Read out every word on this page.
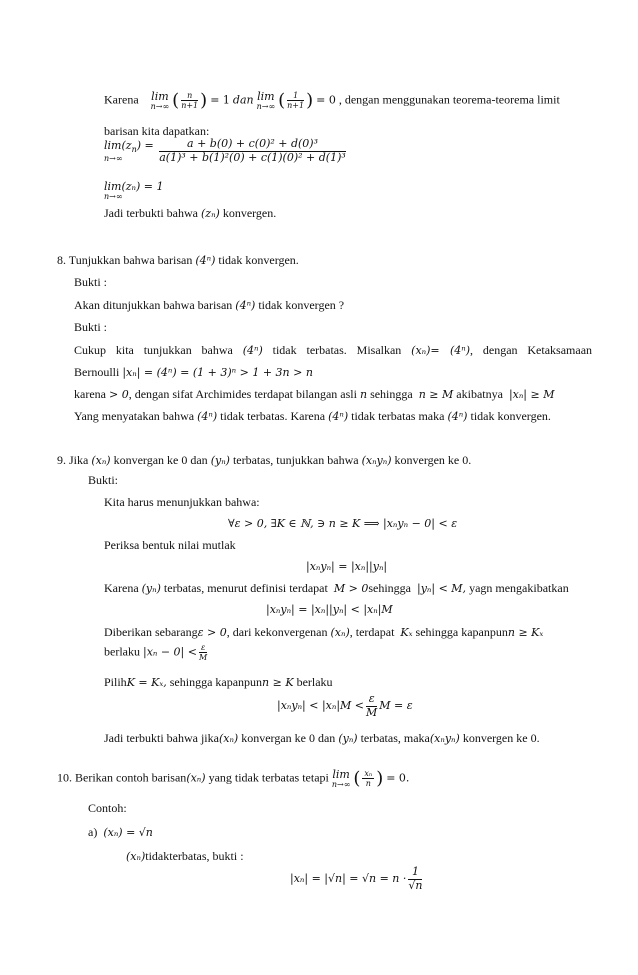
Karena lim
n→∞ ( $\frac{n}{n+1}$ ) = 1 dan lim
n→∞ ( $\frac{1}{n+1}$ ) = 0 , dengan menggunakan teorema-teorema limit
barisan kita dapatkan:
$\lim(z_n)$ =
n→∞
	$\frac{\text{a + b(0) + c(0)² + d(0)³}}{\text{a(1)³ + b(1)²(0) + c(1)(0)² + d(1)³}}$
lim(zₙ) = 1
n→∞
Jadi terbukti bahwa (zₙ) konvergen.
8. Tunjukkan bahwa barisan (4ⁿ) tidak konvergen.
Bukti :
Akan ditunjukkan bahwa barisan (4ⁿ) tidak konvergen ?
Bukti :
Cukup kita tunjukkan bahwa (4ⁿ) tidak terbatas. Misalkan (xₙ)= (4ⁿ), dengan Ketaksamaan
Bernoulli |xₙ| = (4ⁿ) = (1 + 3)ⁿ > 1 + 3n > n
karena > 0, dengan sifat Archimides terdapat bilangan asli n sehingga n ≥ M akibatnya |xₙ| ≥ M
Yang menyatakan bahwa (4ⁿ) tidak terbatas. Karena (4ⁿ) tidak terbatas maka (4ⁿ) tidak konvergen.
9. Jika (xₙ) konvergan ke 0 dan (yₙ) terbatas, tunjukkan bahwa (xₙyₙ) konvergen ke 0.
Bukti:
Kita harus menunjukkan bahwa:
∀ε > 0, ∃K ∈ ℕ, ∋ n ≥ K ⟹ |xₙyₙ − 0| < ε
Periksa bentuk nilai mutlak
|xₙyₙ| = |xₙ||yₙ|
Karena (yₙ) terbatas, menurut definisi terdapat M > 0sehingga |yₙ| < M, yagn mengakibatkan
|xₙyₙ| = |xₙ||yₙ| < |xₙ|M
Diberikan sebarangε > 0, dari kekonvergenan (xₙ), terdapat Kₓ sehingga kapanpunn ≥ Kₓ
berlaku $|x_n - 0| < \frac{\varepsilon}{M}$
PilihK = Kₓ, sehingga kapanpunn ≥ K berlaku
$|x_ny_n| < |x_n|M < \frac{\varepsilon}{M}$ M = ε
Jadi terbukti bahwa jika(xₙ) konvergan ke 0 dan (yₙ) terbatas, maka(xₙyₙ) konvergen ke 0.
10. Berikan contoh barisan(xₙ) yang tidak terbatas tetapi lim
n→∞ ( $\frac{\text{xₙ}}{n}$ ) = 0.
Contoh:
a) (xₙ) = √n
(xₙ)tidakterbatas, bukti :
$|x_n| = |√n| = √n = n \cdot \frac{1}{√n}$
